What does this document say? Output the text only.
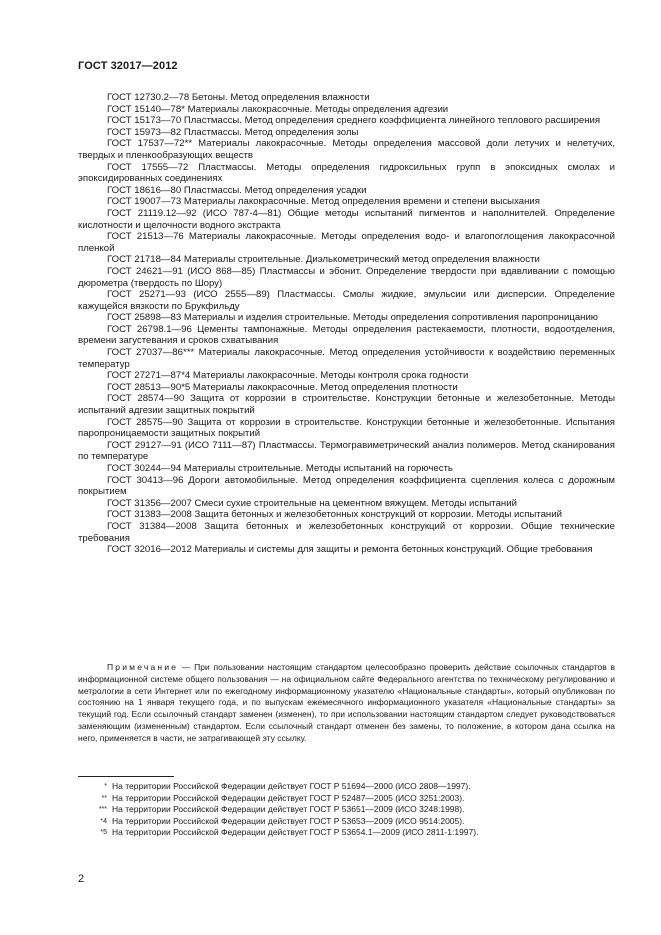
ГОСТ 32017—2012

ГОСТ 12730.2—78 Бетоны. Метод определения влажности

ГОСТ 15140—78* Материалы лакокрасочные. Методы определения адгезии

ГОСТ 15173—70 Пластмассы. Метод определения среднего коэффициента линейного теплового расширения

ГОСТ 15973—82 Пластмассы. Метод определения золы

ГОСТ 17537—72** Материалы лакокрасочные. Методы определения массовой доли летучих и нелетучих, твердых и пленкообразующих веществ

ГОСТ 17555—72 Пластмассы. Методы определения гидроксильных групп в эпоксидных смолах и эпоксидированных соединениях

ГОСТ 18616—80 Пластмассы. Метод определения усадки

ГОСТ 19007—73 Материалы лакокрасочные. Метод определения времени и степени высыхания

ГОСТ 21119.12—92 (ИСО 787-4—81) Общие методы испытаний пигментов и наполнителей. Определение кислотности и щелочности водного экстракта

ГОСТ 21513—76 Материалы лакокрасочные. Методы определения водо- и влагопоглощения лакокрасочной пленкой

ГОСТ 21718—84 Материалы строительные. Диэлькометрический метод определения влажности

ГОСТ 24621—91 (ИСО 868—85) Пластмассы и эбонит. Определение твердости при вдавливании с помощью дюрометра (твердость по Шору)

ГОСТ 25271—93 (ИСО 2555—89) Пластмассы. Смолы жидкие, эмульсии или дисперсии. Определение кажущейся вязкости по Брукфильду

ГОСТ 25898—83 Материалы и изделия строительные. Методы определения сопротивления паропроницанию

ГОСТ 26798.1—96 Цементы тампонажные. Методы определения растекаемости, плотности, водоотделения, времени загустевания и сроков схватывания

ГОСТ 27037—86*** Материалы лакокрасочные. Метод определения устойчивости к воздействию переменных температур

ГОСТ 27271—87*4 Материалы лакокрасочные. Методы контроля срока годности

ГОСТ 28513—90*5 Материалы лакокрасочные. Метод определения плотности

ГОСТ 28574—90 Защита от коррозии в строительстве. Конструкции бетонные и железобетонные. Методы испытаний адгезии защитных покрытий

ГОСТ 28575—90 Защита от коррозии в строительстве. Конструкции бетонные и железобетонные. Испытания паропроницаемости защитных покрытий

ГОСТ 29127—91 (ИСО 7111—87) Пластмассы. Термогравиметрический анализ полимеров. Метод сканирования по температуре

ГОСТ 30244—94 Материалы строительные. Методы испытаний на горючесть

ГОСТ 30413—96 Дороги автомобильные. Метод определения коэффициента сцепления колеса с дорожным покрытием

ГОСТ 31356—2007 Смеси сухие строительные на цементном вяжущем. Методы испытаний

ГОСТ 31383—2008 Защита бетонных и железобетонных конструкций от коррозии. Методы испытаний

ГОСТ 31384—2008 Защита бетонных и железобетонных конструкций от коррозии. Общие технические требования

ГОСТ 32016—2012 Материалы и системы для защиты и ремонта бетонных конструкций. Общие требования

Примечание — При пользовании настоящим стандартом целесообразно проверить действие ссылочных стандартов в информационной системе общего пользования — на официальном сайте Федерального агентства по техническому регулированию и метрологии в сети Интернет или по ежегодному информационному указателю «Национальные стандарты», который опубликован по состоянию на 1 января текущего года, и по выпускам ежемесячного информационного указателя «Национальные стандарты» за текущий год. Если ссылочный стандарт заменен (изменен), то при использовании настоящим стандартом следует руководствоваться заменяющим (измененным) стандартом. Если ссылочный стандарт отменен без замены, то положение, в котором дана ссылка на него, применяется в части, не затрагивающей эту ссылку.

* На территории Российской Федерации действует ГОСТ Р 51694—2000 (ИСО 2808—1997).
** На территории Российской Федерации действует ГОСТ Р 52487—2005 (ИСО 3251:2003).
*** На территории Российской Федерации действует ГОСТ Р 53651—2009 (ИСО 3248:1998).
*4 На территории Российской Федерации действует ГОСТ Р 53653—2009 (ИСО 9514:2005).
*5 На территории Российской Федерации действует ГОСТ Р 53654.1—2009 (ИСО 2811-1:1997).
2
